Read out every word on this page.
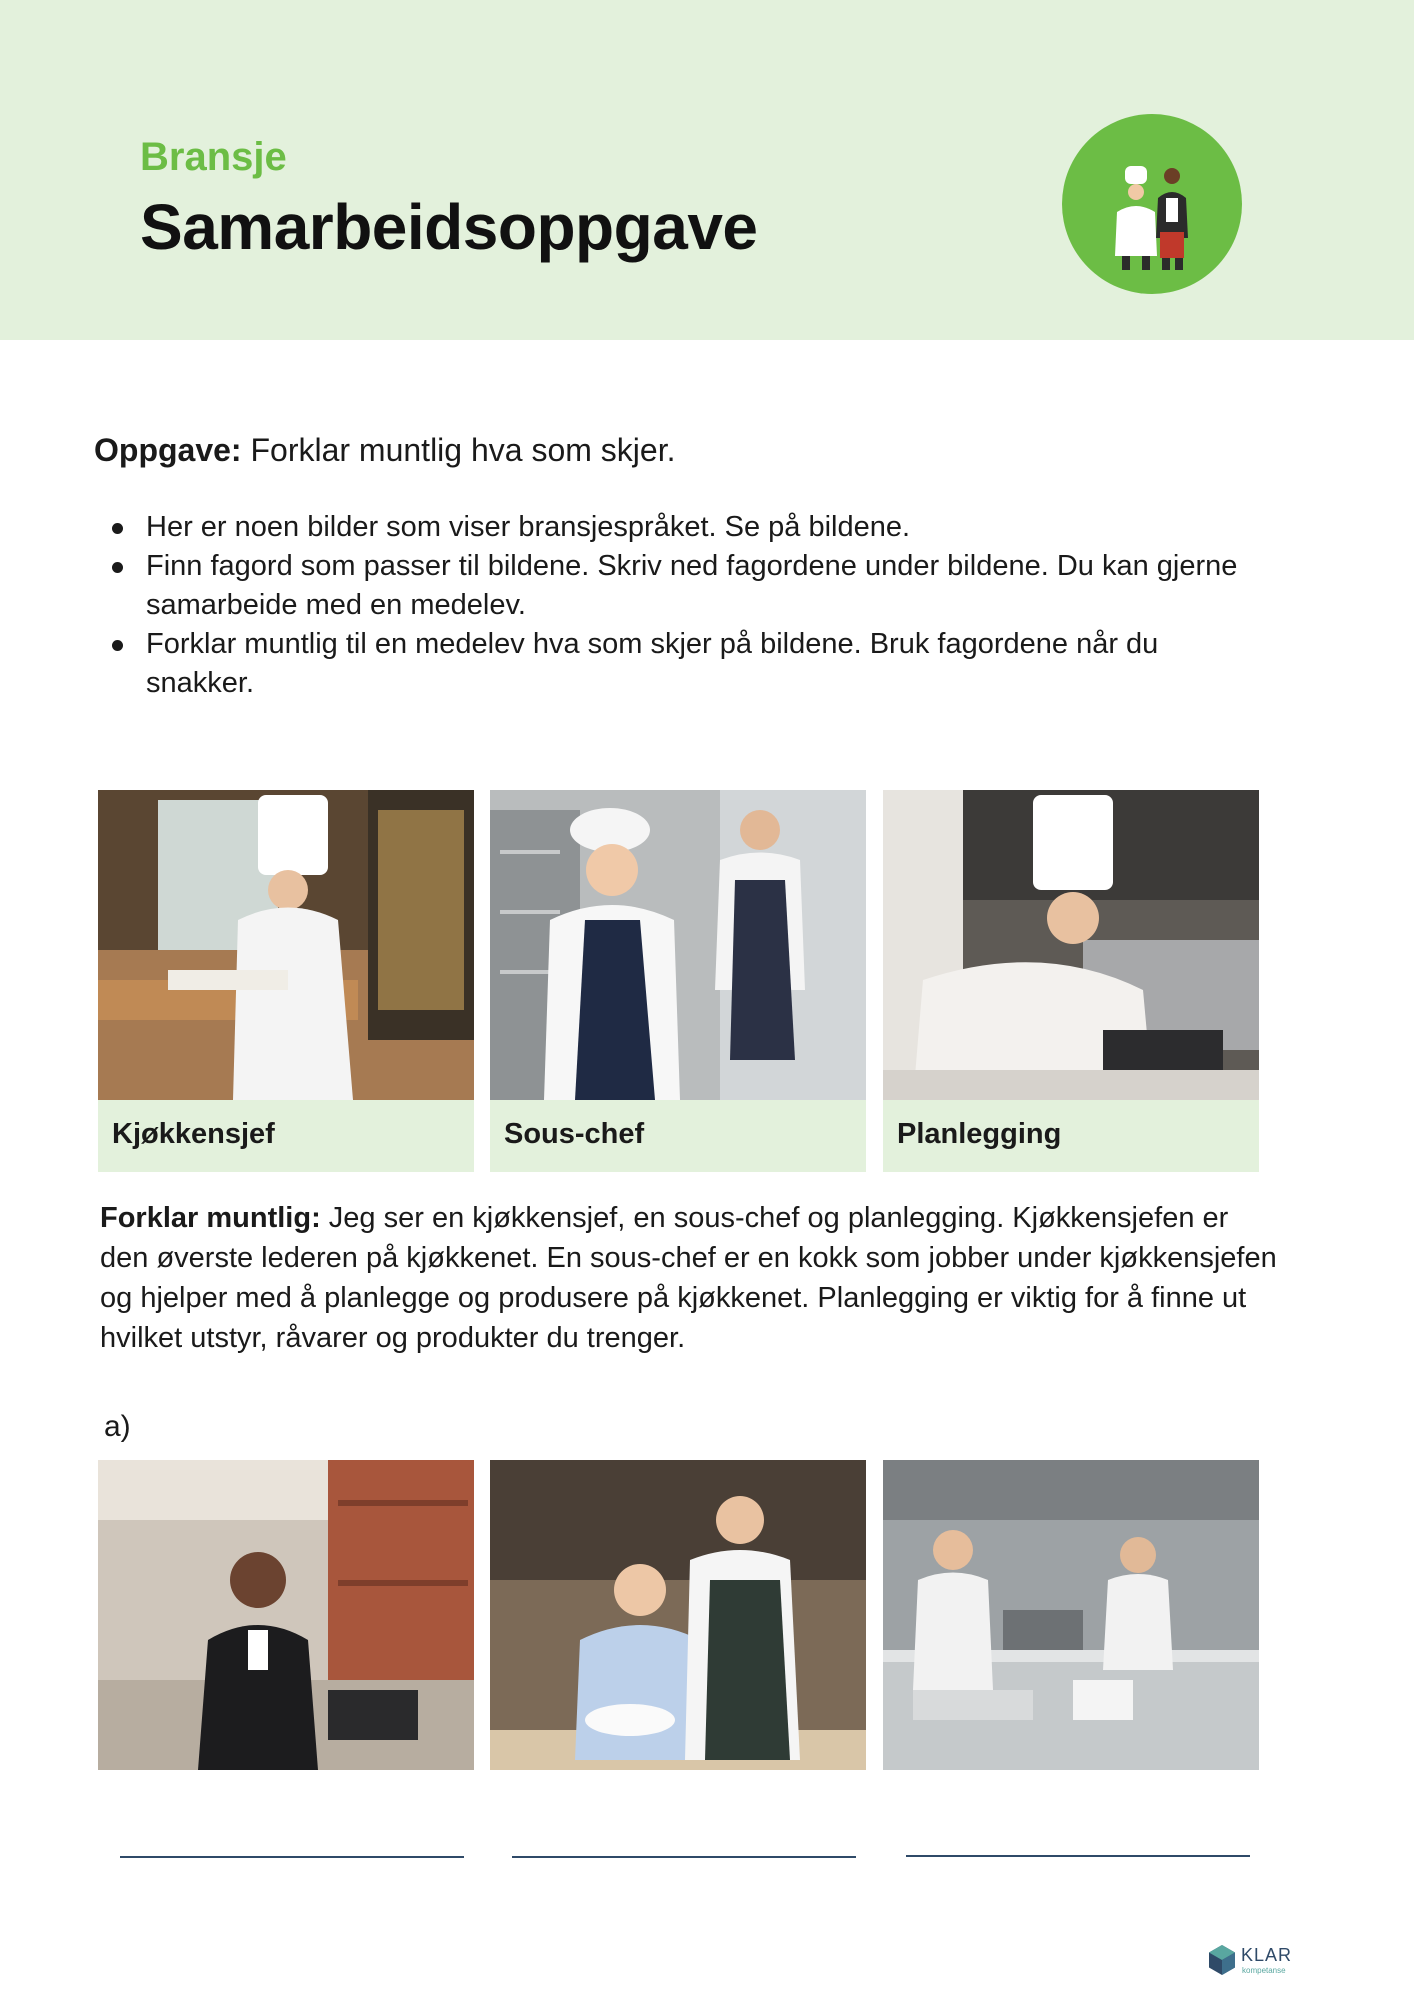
Bransje
Samarbeidsoppgave
Oppgave: Forklar muntlig hva som skjer.
Her er noen bilder som viser bransjespråket. Se på bildene.
Finn fagord som passer til bildene. Skriv ned fagordene under bildene. Du kan gjerne samarbeide med en medelev.
Forklar muntlig til en medelev hva som skjer på bildene. Bruk fagordene når du snakker.
Kjøkkensjef	Sous-chef	Planlegging
Forklar muntlig: Jeg ser en kjøkkensjef, en sous-chef og planlegging. Kjøkkensjefen er den øverste lederen på kjøkkenet. En sous-chef er en kokk som jobber under kjøkkensjefen og hjelper med å planlegge og produsere på kjøkkenet. Planlegging er viktig for å finne ut hvilket utstyr, råvarer og produkter du trenger.
a)
KLAR
kompetanse
